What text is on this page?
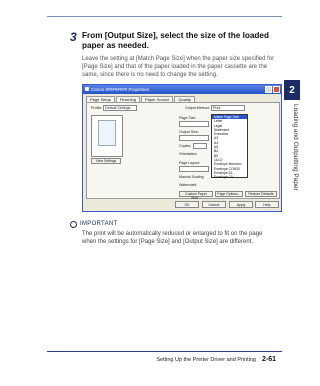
2
Loading and Outputting Paper
3 From [Output Size], select the size of the loaded paper as needed.
Leave the setting at [Match Page Size] when the paper size specified for [Page Size] and that of the paper loaded in the paper cassette are the same, since there is no need to change the setting.
Canon iR####### Properties
Page Setup Finishing Paper Source Quality
Profile: Default Settings	Output Method: Print
Page Size:
Output Size:
Copies:
Orientation
Page Layout:
Manual Scaling
Watermark
View Settings
Match Page Size
Letter
Legal
Statement
Executive
A3
A4
A5
B4
B5
11x17
Envelope Monarch
Envelope COM10
Envelope DL
Envelope C5
Custom Paper Size...
Page Options...	Restore Defaults
OK	Cancel	Apply	Help
IMPORTANT
The print will be automatically reduced or enlarged to fit on the page when the settings for [Page Size] and [Output Size] are different.
Setting Up the Printer Driver and Printing 2-61
